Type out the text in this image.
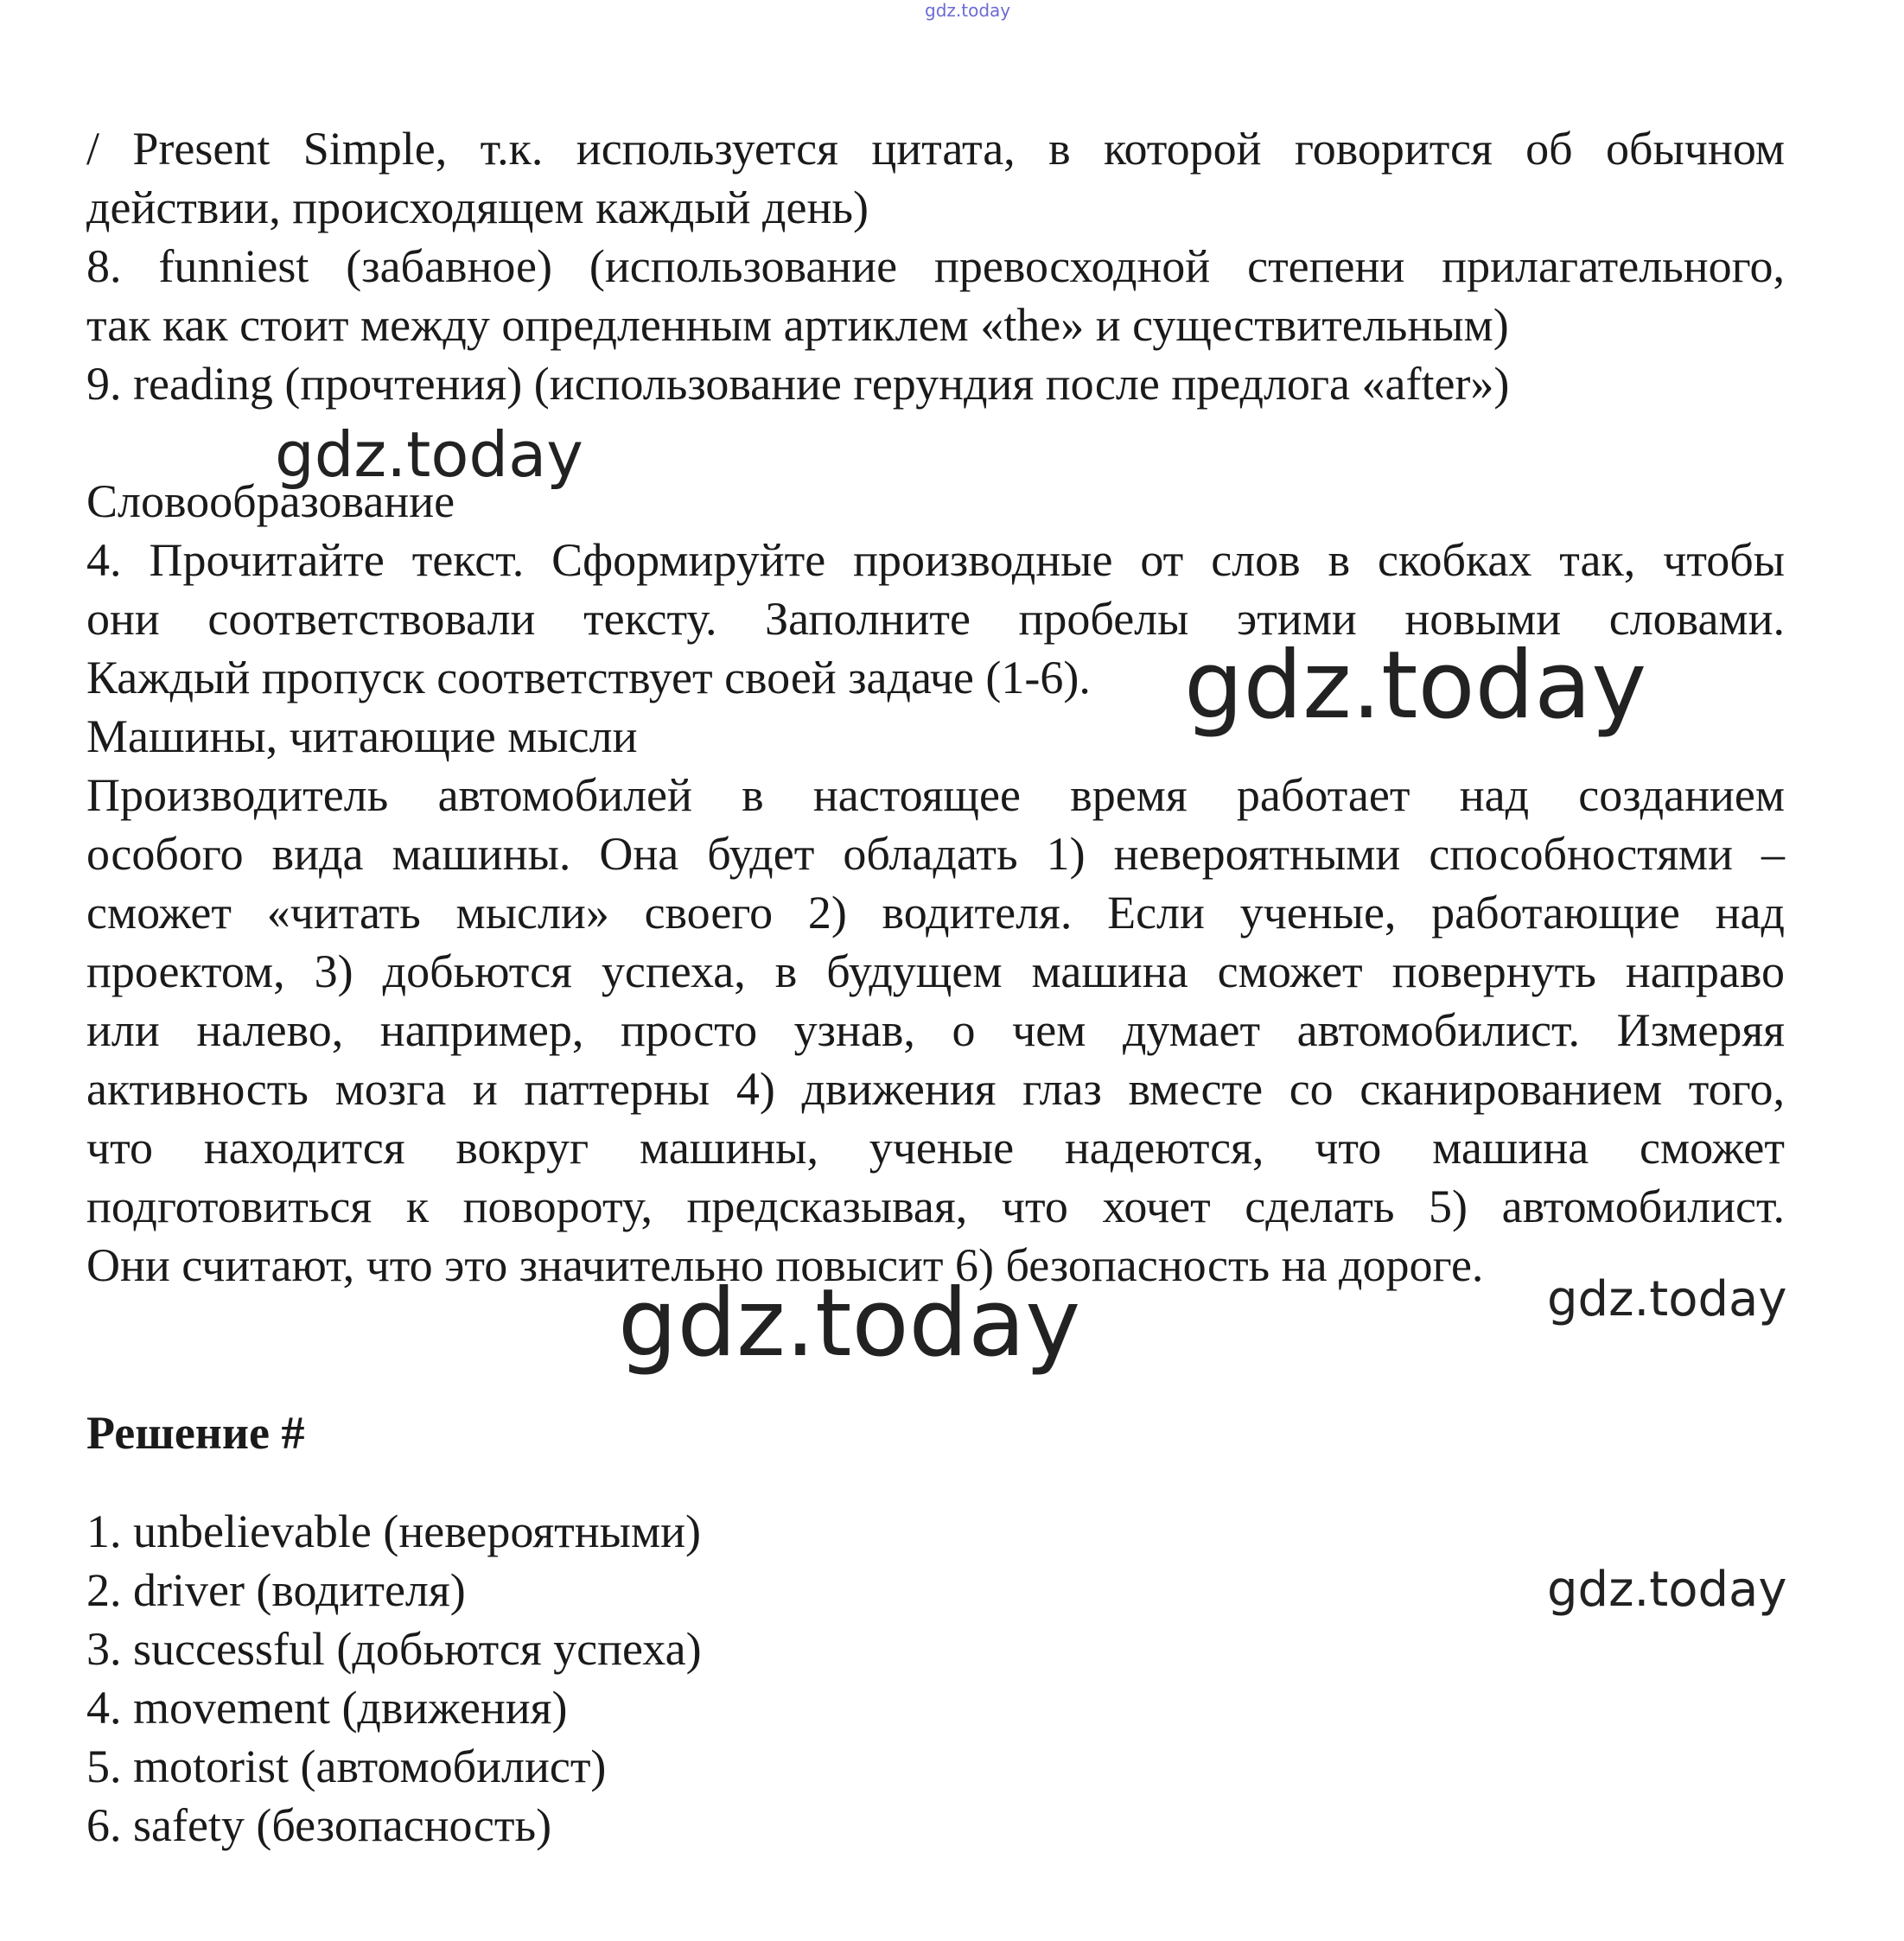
gdz.today
/ Present Simple, т.к. используется цитата, в которой говорится об обычном
действии, происходящем каждый день)
8. funniest (забавное) (использование превосходной степени прилагательного,
так как стоит между опредленным артиклем «the» и существительным)
9. reading (прочтения) (использование герундия после предлога «after»)
Словообразование
4. Прочитайте текст. Сформируйте производные от слов в скобках так, чтобы
они соответствовали тексту. Заполните пробелы этими новыми словами.
Каждый пропуск соответствует своей задаче (1-6).
Машины, читающие мысли
Производитель автомобилей в настоящее время работает над созданием
особого вида машины. Она будет обладать 1) невероятными способностями –
сможет «читать мысли» своего 2) водителя. Если ученые, работающие над
проектом, 3) добьются успеха, в будущем машина сможет повернуть направо
или налево, например, просто узнав, о чем думает автомобилист. Измеряя
активность мозга и паттерны 4) движения глаз вместе со сканированием того,
что находится вокруг машины, ученые надеются, что машина сможет
подготовиться к повороту, предсказывая, что хочет сделать 5) автомобилист.
Они считают, что это значительно повысит 6) безопасность на дороге.
Решение #
1. unbelievable (невероятными)
2. driver (водителя)
3. successful (добьются успеха)
4. movement (движения)
5. motorist (автомобилист)
6. safety (безопасность)
gdz.today
gdz.today
gdz.today	gdz.today
gdz.today
